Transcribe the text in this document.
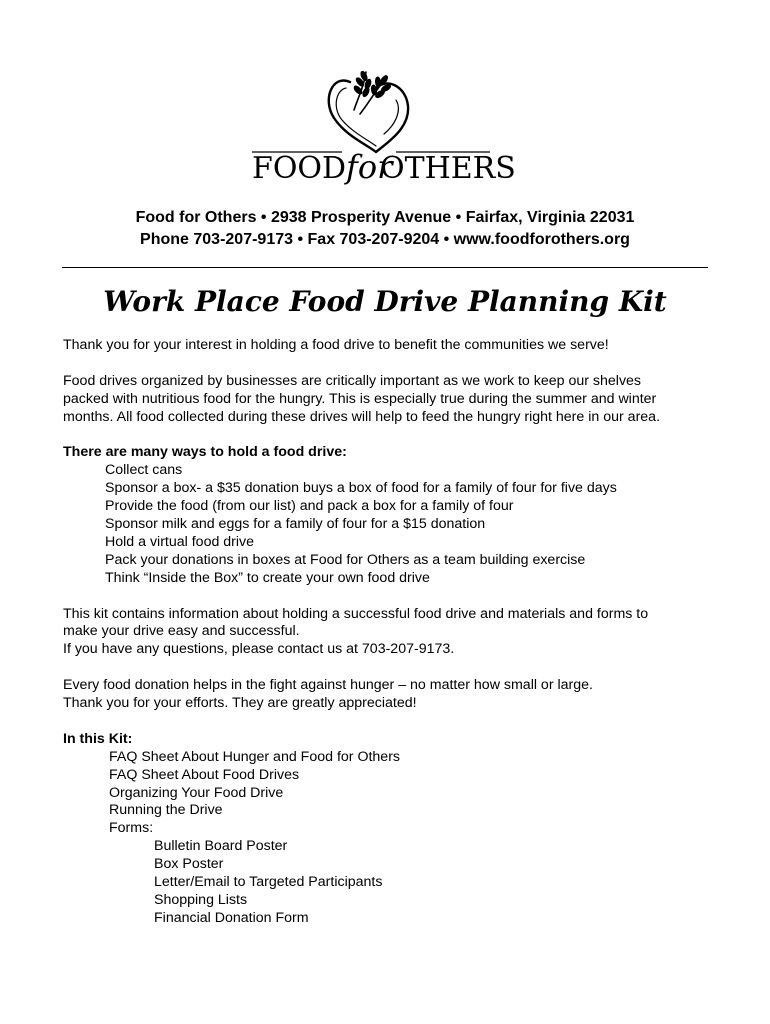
FOOD for
OTHERS
Food for Others • 2938 Prosperity Avenue • Fairfax, Virginia 22031
Phone 703-207-9173 • Fax 703-207-9204 • www.foodforothers.org
Work Place Food Drive Planning Kit

Thank you for your interest in holding a food drive to benefit the communities we serve!

Food drives organized by businesses are critically important as we work to keep our shelves

packed with nutritious food for the hungry. This is especially true during the summer and winter

months. All food collected during these drives will help to feed the hungry right here in our area.

There are many ways to hold a food drive:

Collect cans

Sponsor a box- a $35 donation buys a box of food for a family of four for five days

Provide the food (from our list) and pack a box for a family of four

Sponsor milk and eggs for a family of four for a $15 donation

Hold a virtual food drive

Pack your donations in boxes at Food for Others as a team building exercise

Think “Inside the Box” to create your own food drive

This kit contains information about holding a successful food drive and materials and forms to

make your drive easy and successful.

If you have any questions, please contact us at 703-207-9173.

Every food donation helps in the fight against hunger – no matter how small or large.

Thank you for your efforts. They are greatly appreciated!

In this Kit:

FAQ Sheet About Hunger and Food for Others

FAQ Sheet About Food Drives

Organizing Your Food Drive

Running the Drive

Forms:

Bulletin Board Poster

Box Poster

Letter/Email to Targeted Participants

Shopping Lists

Financial Donation Form
